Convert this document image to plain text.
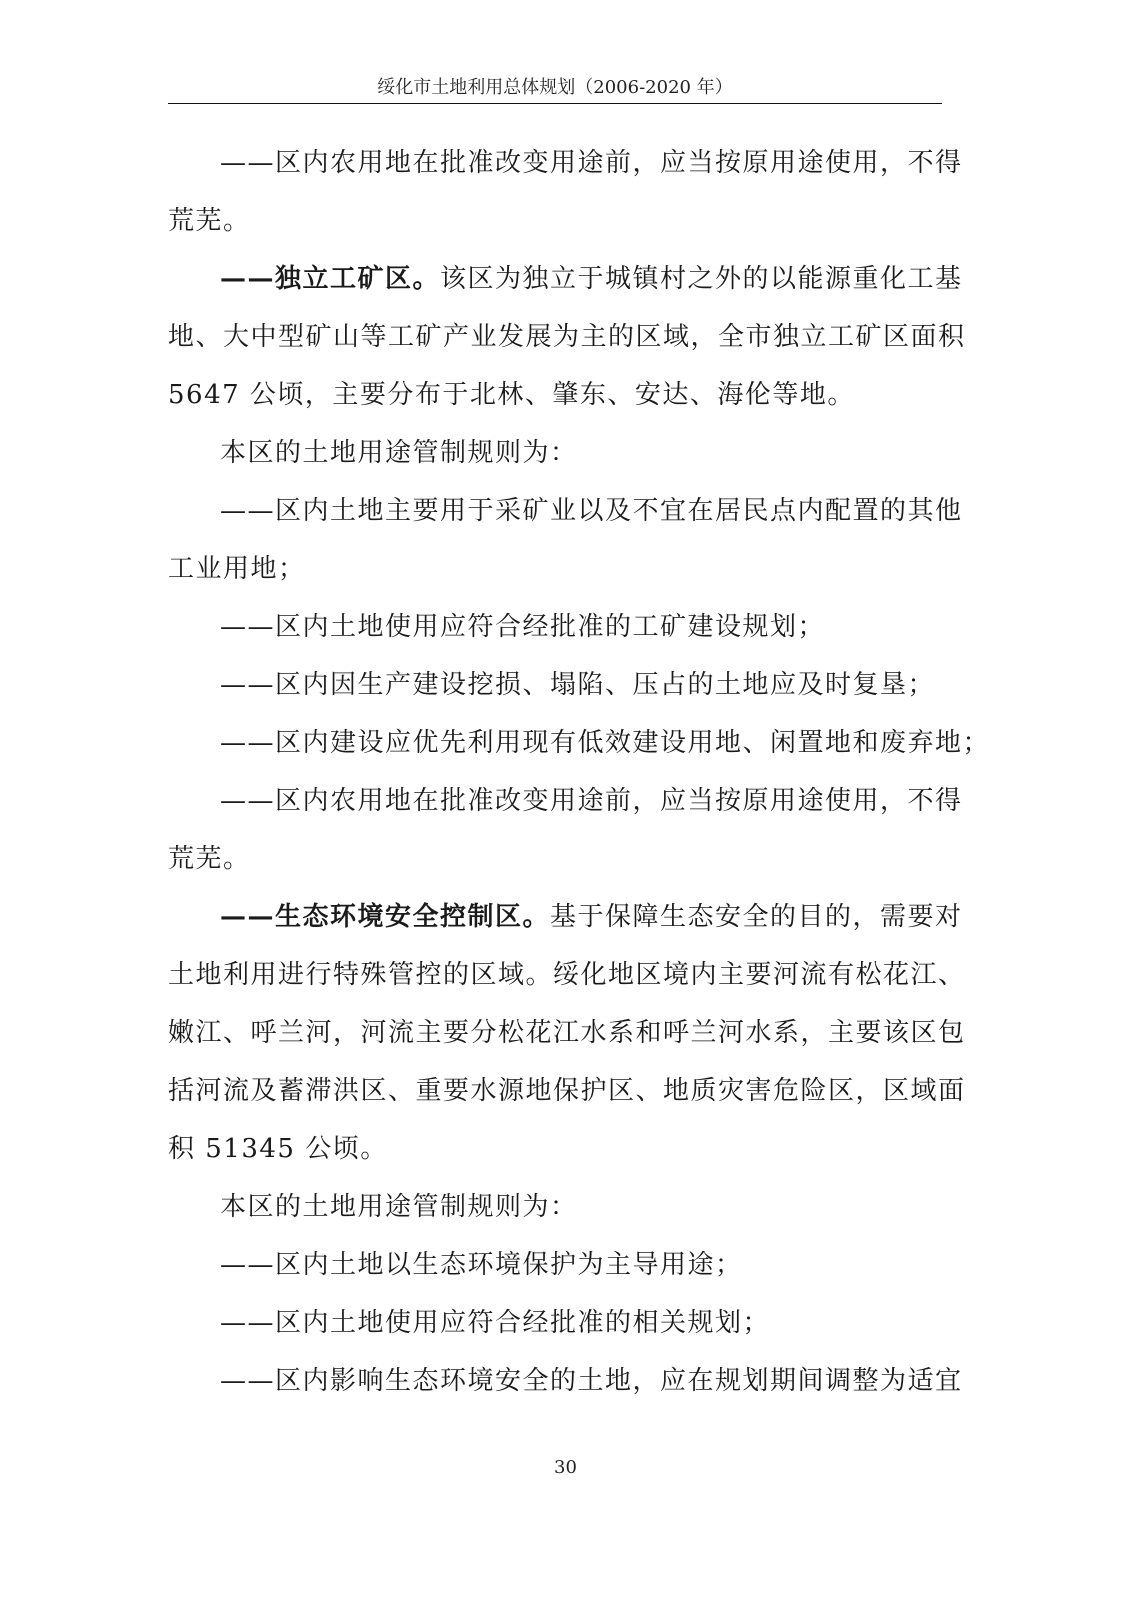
绥化市土地利用总体规划（2006-2020 年）
——区内农用地在批准改变用途前，应当按原用途使用，不得
荒芜。
——独立工矿区。该区为独立于城镇村之外的以能源重化工基
地、大中型矿山等工矿产业发展为主的区域，全市独立工矿区面积
5647 公顷，主要分布于北林、肇东、安达、海伦等地。
本区的土地用途管制规则为：
——区内土地主要用于采矿业以及不宜在居民点内配置的其他
工业用地；
——区内土地使用应符合经批准的工矿建设规划；
——区内因生产建设挖损、塌陷、压占的土地应及时复垦；
——区内建设应优先利用现有低效建设用地、闲置地和废弃地；
——区内农用地在批准改变用途前，应当按原用途使用，不得
荒芜。
——生态环境安全控制区。基于保障生态安全的目的，需要对
土地利用进行特殊管控的区域。绥化地区境内主要河流有松花江、
嫩江、呼兰河，河流主要分松花江水系和呼兰河水系，主要该区包
括河流及蓄滞洪区、重要水源地保护区、地质灾害危险区，区域面
积 51345 公顷。
本区的土地用途管制规则为：
——区内土地以生态环境保护为主导用途；
——区内土地使用应符合经批准的相关规划；
——区内影响生态环境安全的土地，应在规划期间调整为适宜
30
